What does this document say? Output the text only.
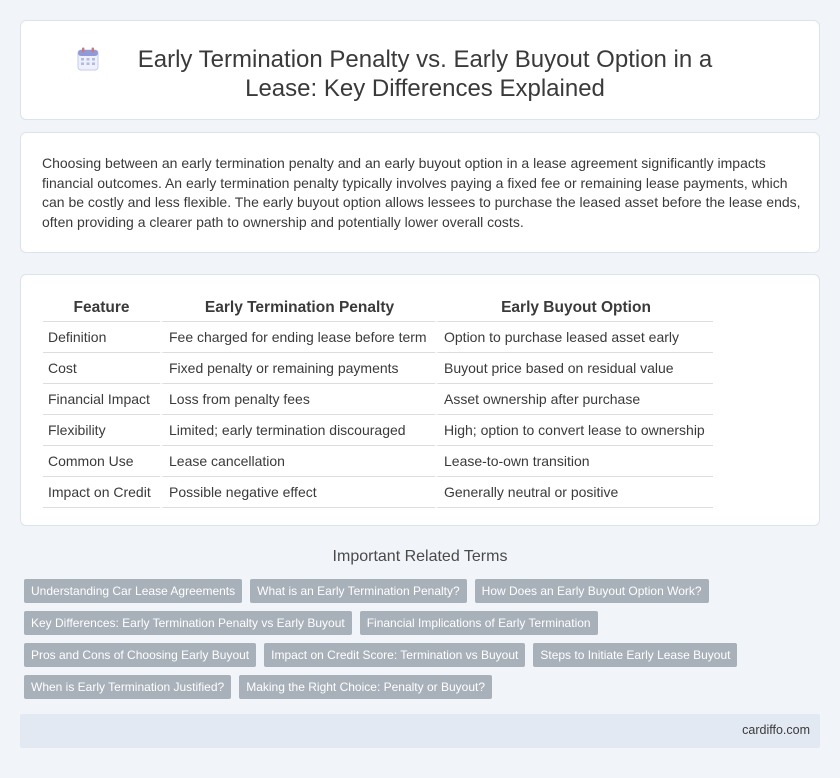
Early Termination Penalty vs. Early Buyout Option in a Lease: Key Differences Explained

Choosing between an early termination penalty and an early buyout option in a lease agreement significantly impacts financial outcomes. An early termination penalty typically involves paying a fixed fee or remaining lease payments, which can be costly and less flexible. The early buyout option allows lessees to purchase the leased asset before the lease ends, often providing a clearer path to ownership and potentially lower overall costs.

Feature	Early Termination Penalty	Early Buyout Option
Definition	Fee charged for ending lease before term	Option to purchase leased asset early
Cost	Fixed penalty or remaining payments	Buyout price based on residual value
Financial Impact	Loss from penalty fees	Asset ownership after purchase
Flexibility	Limited; early termination discouraged	High; option to convert lease to ownership
Common Use	Lease cancellation	Lease-to-own transition
Impact on Credit	Possible negative effect	Generally neutral or positive
Important Related Terms
Understanding Car Lease Agreements	What is an Early Termination Penalty?	How Does an Early Buyout Option Work?
Key Differences: Early Termination Penalty vs Early Buyout	Financial Implications of Early Termination
Pros and Cons of Choosing Early Buyout	Impact on Credit Score: Termination vs Buyout	Steps to Initiate Early Lease Buyout
When is Early Termination Justified?	Making the Right Choice: Penalty or Buyout?
cardiffo.com
